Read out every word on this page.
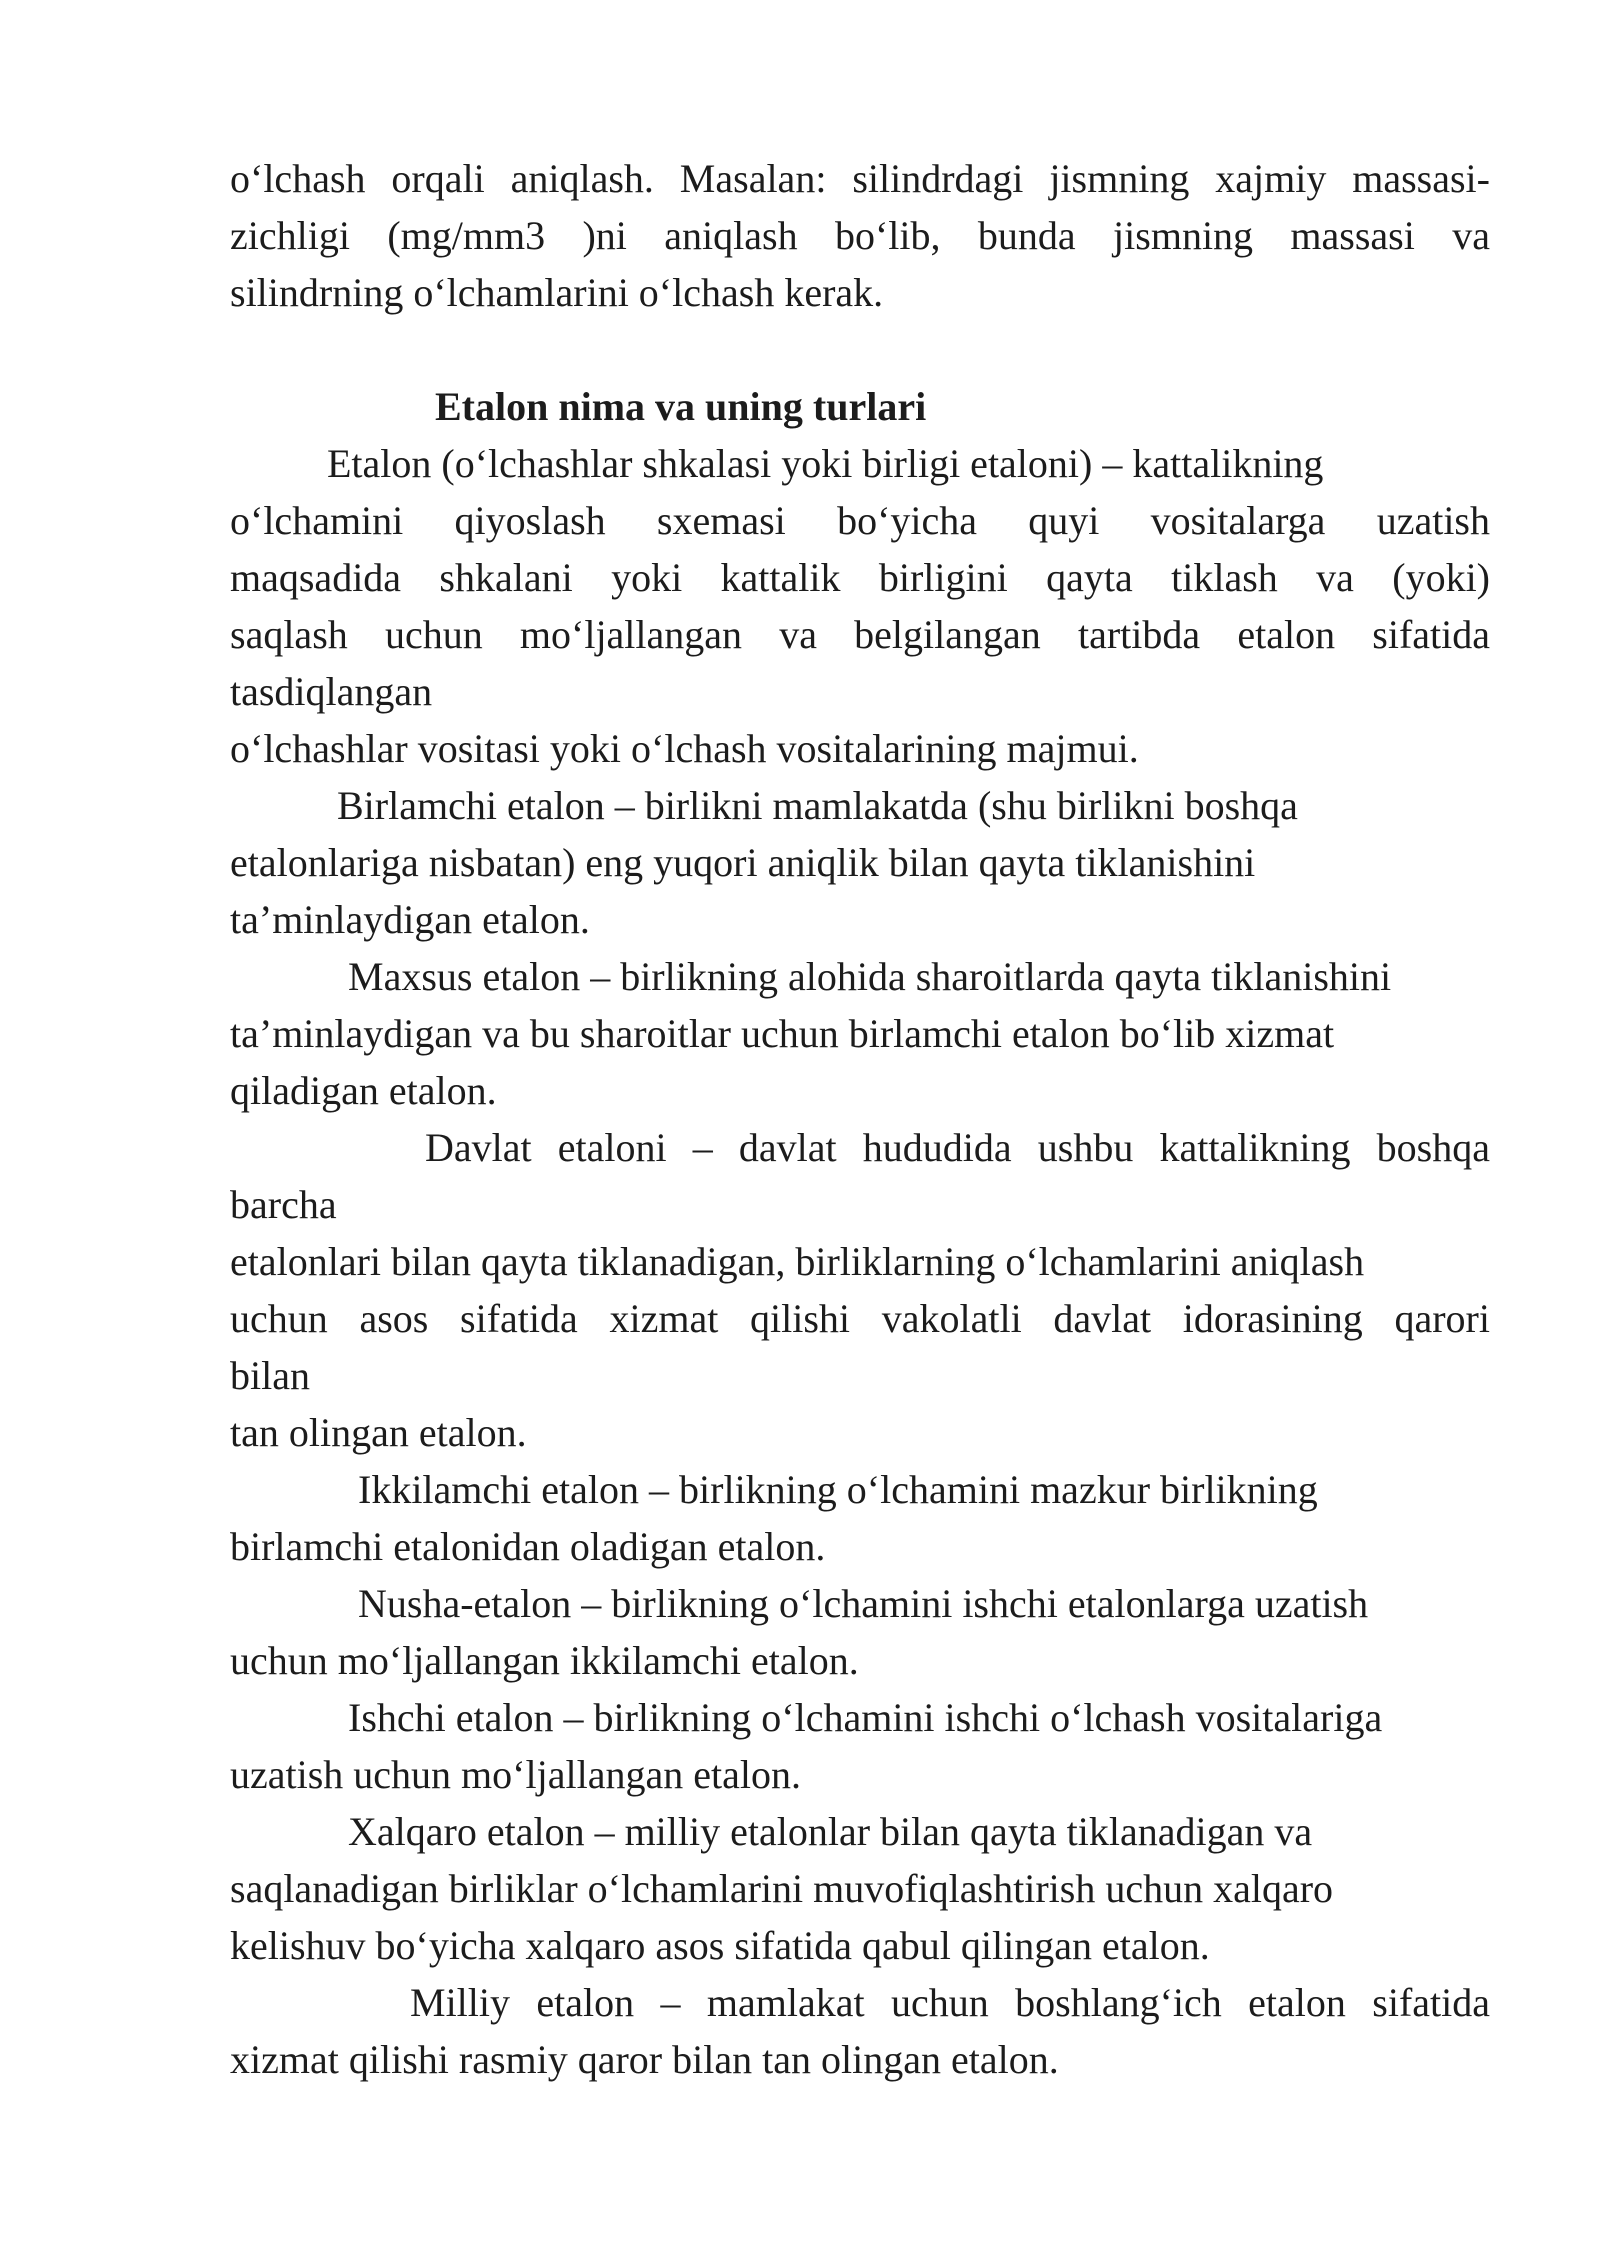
o‘lchash orqali aniqlash. Masalan: silindrdagi jismning xajmiy massasi-
zichligi (mg/mm3 )ni aniqlash bo‘lib, bunda jismning massasi va
silindrning o‘lchamlarini o‘lchash kerak.
Etalon nima va uning turlari
Etalon (o‘lchashlar shkalasi yoki birligi etaloni) – kattalikning
o‘lchamini qiyoslash sxemasi bo‘yicha quyi vositalarga uzatish
maqsadida shkalani yoki kattalik birligini qayta tiklash va (yoki)
saqlash uchun mo‘ljallangan va belgilangan tartibda etalon sifatida
tasdiqlangan
o‘lchashlar vositasi yoki o‘lchash vositalarining majmui.
Birlamchi etalon – birlikni mamlakatda (shu birlikni boshqa
etalonlariga nisbatan) eng yuqori aniqlik bilan qayta tiklanishini
ta’minlaydigan etalon.
Maxsus etalon – birlikning alohida sharoitlarda qayta tiklanishini
ta’minlaydigan va bu sharoitlar uchun birlamchi etalon bo‘lib xizmat
qiladigan etalon.
Davlat etaloni – davlat hududida ushbu kattalikning boshqa
barcha
etalonlari bilan qayta tiklanadigan, birliklarning o‘lchamlarini aniqlash
uchun asos sifatida xizmat qilishi vakolatli davlat idorasining qarori
bilan
tan olingan etalon.
Ikkilamchi etalon – birlikning o‘lchamini mazkur birlikning
birlamchi etalonidan oladigan etalon.
Nusha-etalon – birlikning o‘lchamini ishchi etalonlarga uzatish
uchun mo‘ljallangan ikkilamchi etalon.
Ishchi etalon – birlikning o‘lchamini ishchi o‘lchash vositalariga
uzatish uchun mo‘ljallangan etalon.
Xalqaro etalon – milliy etalonlar bilan qayta tiklanadigan va
saqlanadigan birliklar o‘lchamlarini muvofiqlashtirish uchun xalqaro
kelishuv bo‘yicha xalqaro asos sifatida qabul qilingan etalon.
Milliy etalon – mamlakat uchun boshlang‘ich etalon sifatida
xizmat qilishi rasmiy qaror bilan tan olingan etalon.
